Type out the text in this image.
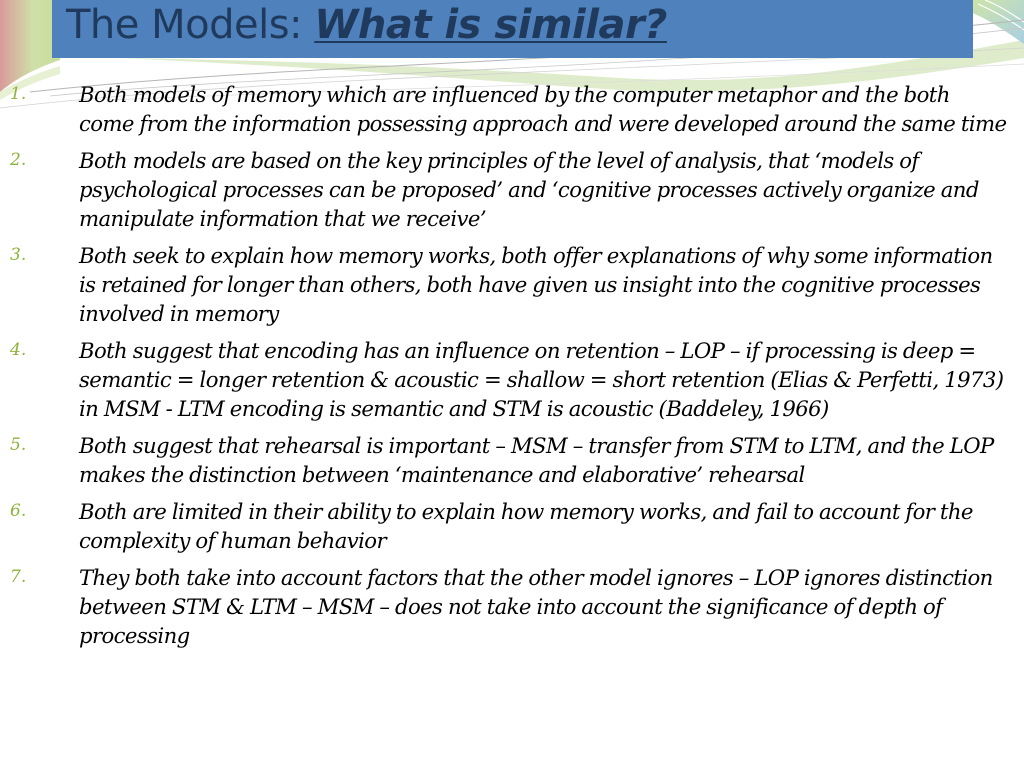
The Models: What is similar?
1. Both models of memory which are influenced by the computer metaphor and the both come from the information possessing approach and were developed around the same time
2. Both models are based on the key principles of the level of analysis, that ‘models of psychological processes can be proposed’ and ‘cognitive processes actively organize and manipulate information that we receive’
3. Both seek to explain how memory works, both offer explanations of why some information is retained for longer than others, both have given us insight into the cognitive processes involved in memory
4. Both suggest that encoding has an influence on retention – LOP – if processing is deep = semantic = longer retention & acoustic = shallow = short retention (Elias & Perfetti, 1973)  in MSM - LTM encoding is semantic and STM is acoustic (Baddeley, 1966)
5. Both suggest that rehearsal is important – MSM – transfer from STM to LTM, and the LOP makes the distinction between ‘maintenance and elaborative’ rehearsal
6. Both are limited in their ability to explain how memory works, and fail to account for the complexity of human behavior
7. They both take into account factors that the other model ignores – LOP ignores distinction between STM & LTM – MSM – does not take into account the significance of depth of processing
